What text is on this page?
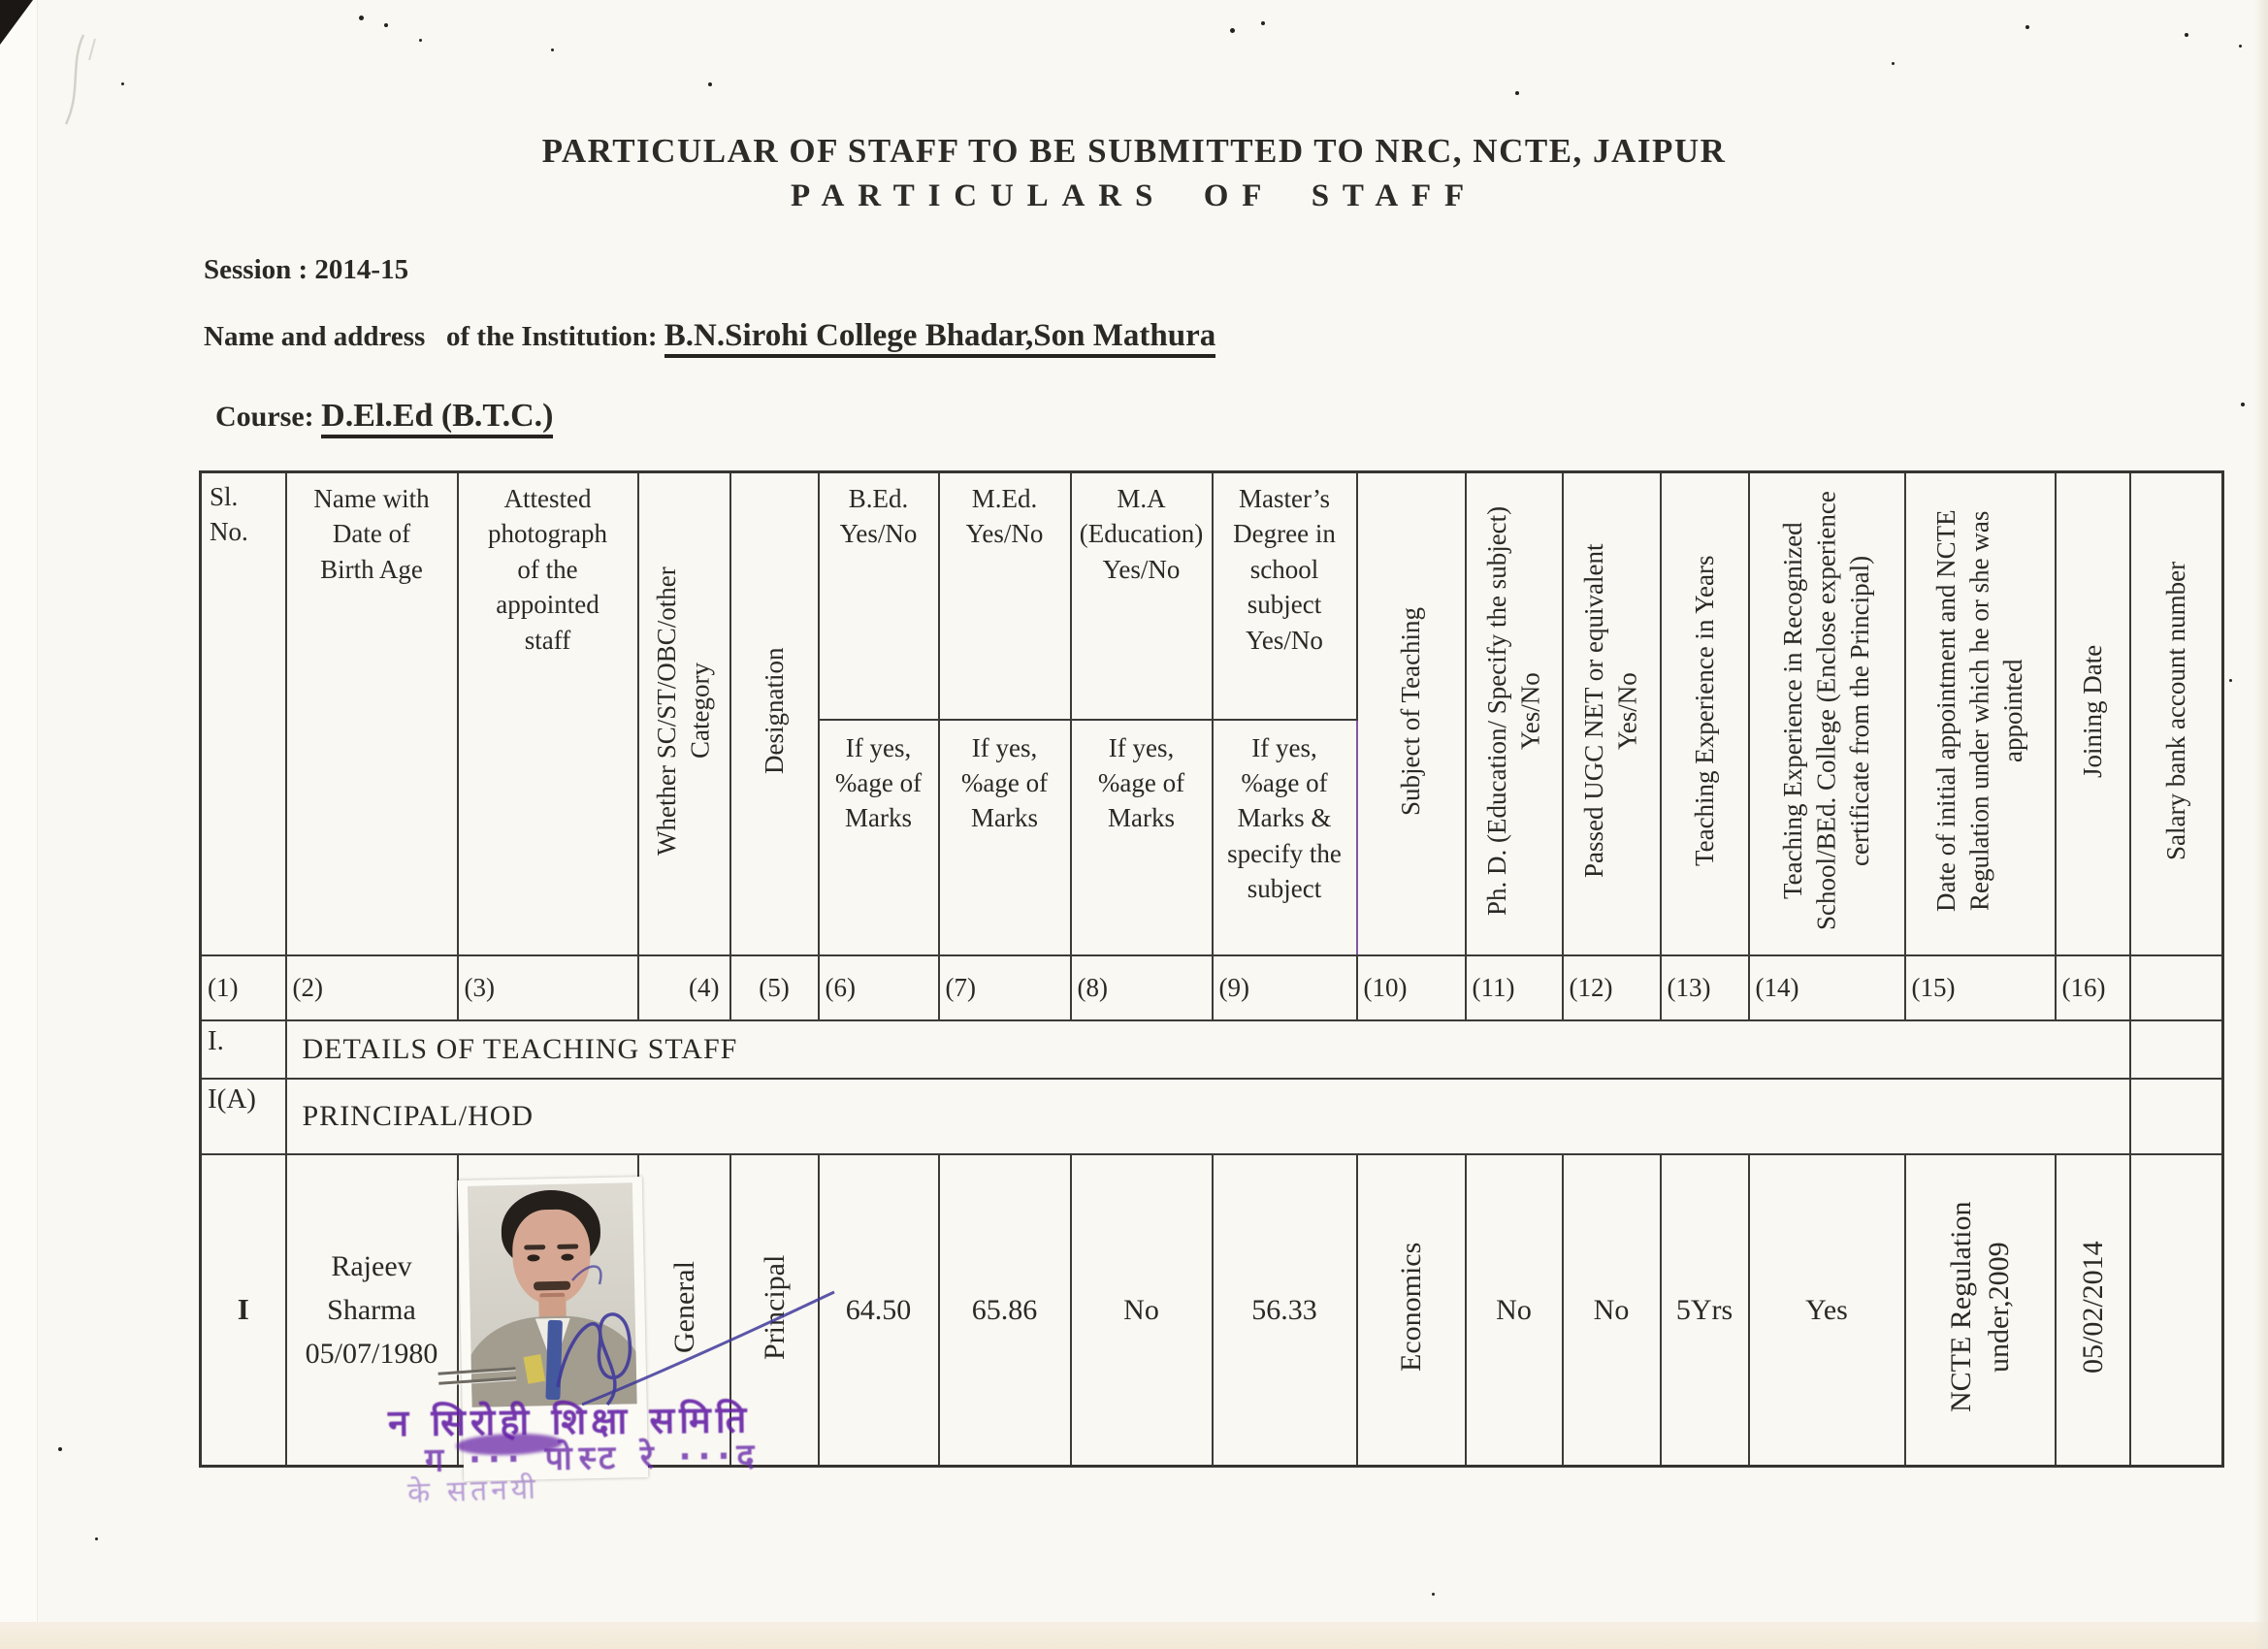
PARTICULAR OF STAFF TO BE SUBMITTED TO NRC, NCTE, JAIPUR
PARTICULARS OF STAFF
Session : 2014-15
Name and address   of the Institution: B.N.Sirohi College Bhadar,Son Mathura
Course: D.El.Ed (B.T.C.)
Sl. No.	Name with Date of Birth Age	Attested photograph of the appointed staff	Whether SC/ST/OBC/other Category	Designation	B.Ed. Yes/No	M.Ed. Yes/No	M.A (Education) Yes/No	Master’s Degree in school subject Yes/No	Subject of Teaching	Ph. D. (Education/ Specify the subject) Yes/No	Passed UGC NET or equivalent Yes/No	Teaching Experience in Years	Teaching Experience in Recognized School/BEd. College (Enclose experience certificate from the Principal)	Date of initial appointment and NCTE Regulation under which he or she was appointed	Joining Date	Salary bank account number
					If yes, %age of Marks	If yes, %age of Marks	If yes, %age of Marks	If yes, %age of Marks & specify the subject								
(1)	(2)	(3)	(4)	(5)	(6)	(7)	(8)	(9)	(10)	(11)	(12)	(13)	(14)	(15)	(16)	
I.	DETAILS OF TEACHING STAFF															
I(A)	PRINCIPAL/HOD															
I	Rajeev Sharma 05/07/1980		General	Principal	64.50	65.86	No	56.33	Economics	No	No	5Yrs	Yes	NCTE Regulation under,2009	05/02/2014	
न सिरोही शिक्षा समिति
ग ··· पोस्ट रे ···द
के सतनयी
